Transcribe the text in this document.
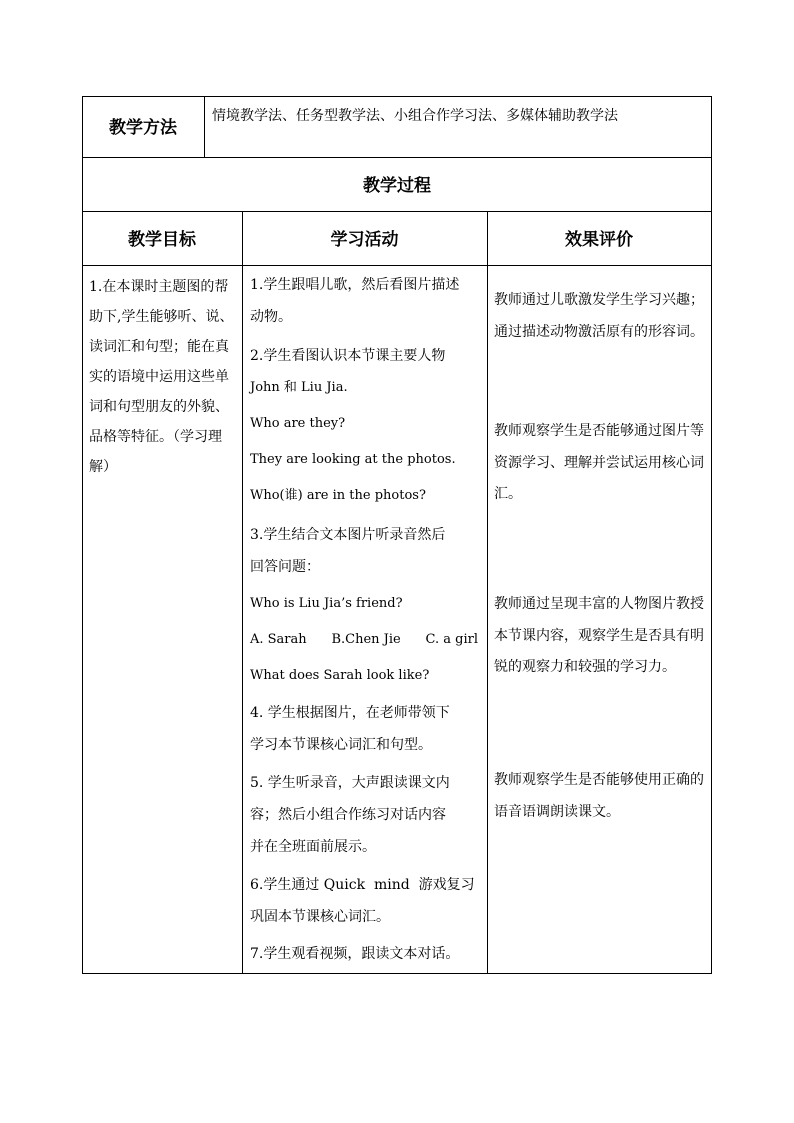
教学方法
情境教学法、任务型教学法、小组合作学习法、多媒体辅助教学法
教学过程
教学目标	学习活动	效果评价
1.在本课时主题图的帮助下,学生能够听、说、读词汇和句型；能在真实的语境中运用这些单词和句型朋友的外貌、品格等特征。（学习理解）
1.学生跟唱儿歌，然后看图片描述
动物。
2.学生看图认识本节课主要人物
John 和 Liu Jia.
Who are they?
They are looking at the photos.
Who(谁) are in the photos?
3.学生结合文本图片听录音然后
回答问题：
Who is Liu Jia’s friend?
A. Sarah      B.Chen Jie      C. a girl
What does Sarah look like?
4. 学生根据图片，在老师带领下
学习本节课核心词汇和句型。
5. 学生听录音，大声跟读课文内
容；然后小组合作练习对话内容
并在全班面前展示。
6.学生通过 Quick  mind  游戏复习
巩固本节课核心词汇。
7.学生观看视频，跟读文本对话。
教师通过儿歌激发学生学习兴趣；通过描述动物激活原有的形容词。
教师观察学生是否能够通过图片等资源学习、理解并尝试运用核心词汇。
教师通过呈现丰富的人物图片教授本节课内容，观察学生是否具有明锐的观察力和较强的学习力。
教师观察学生是否能够使用正确的语音语调朗读课文。
